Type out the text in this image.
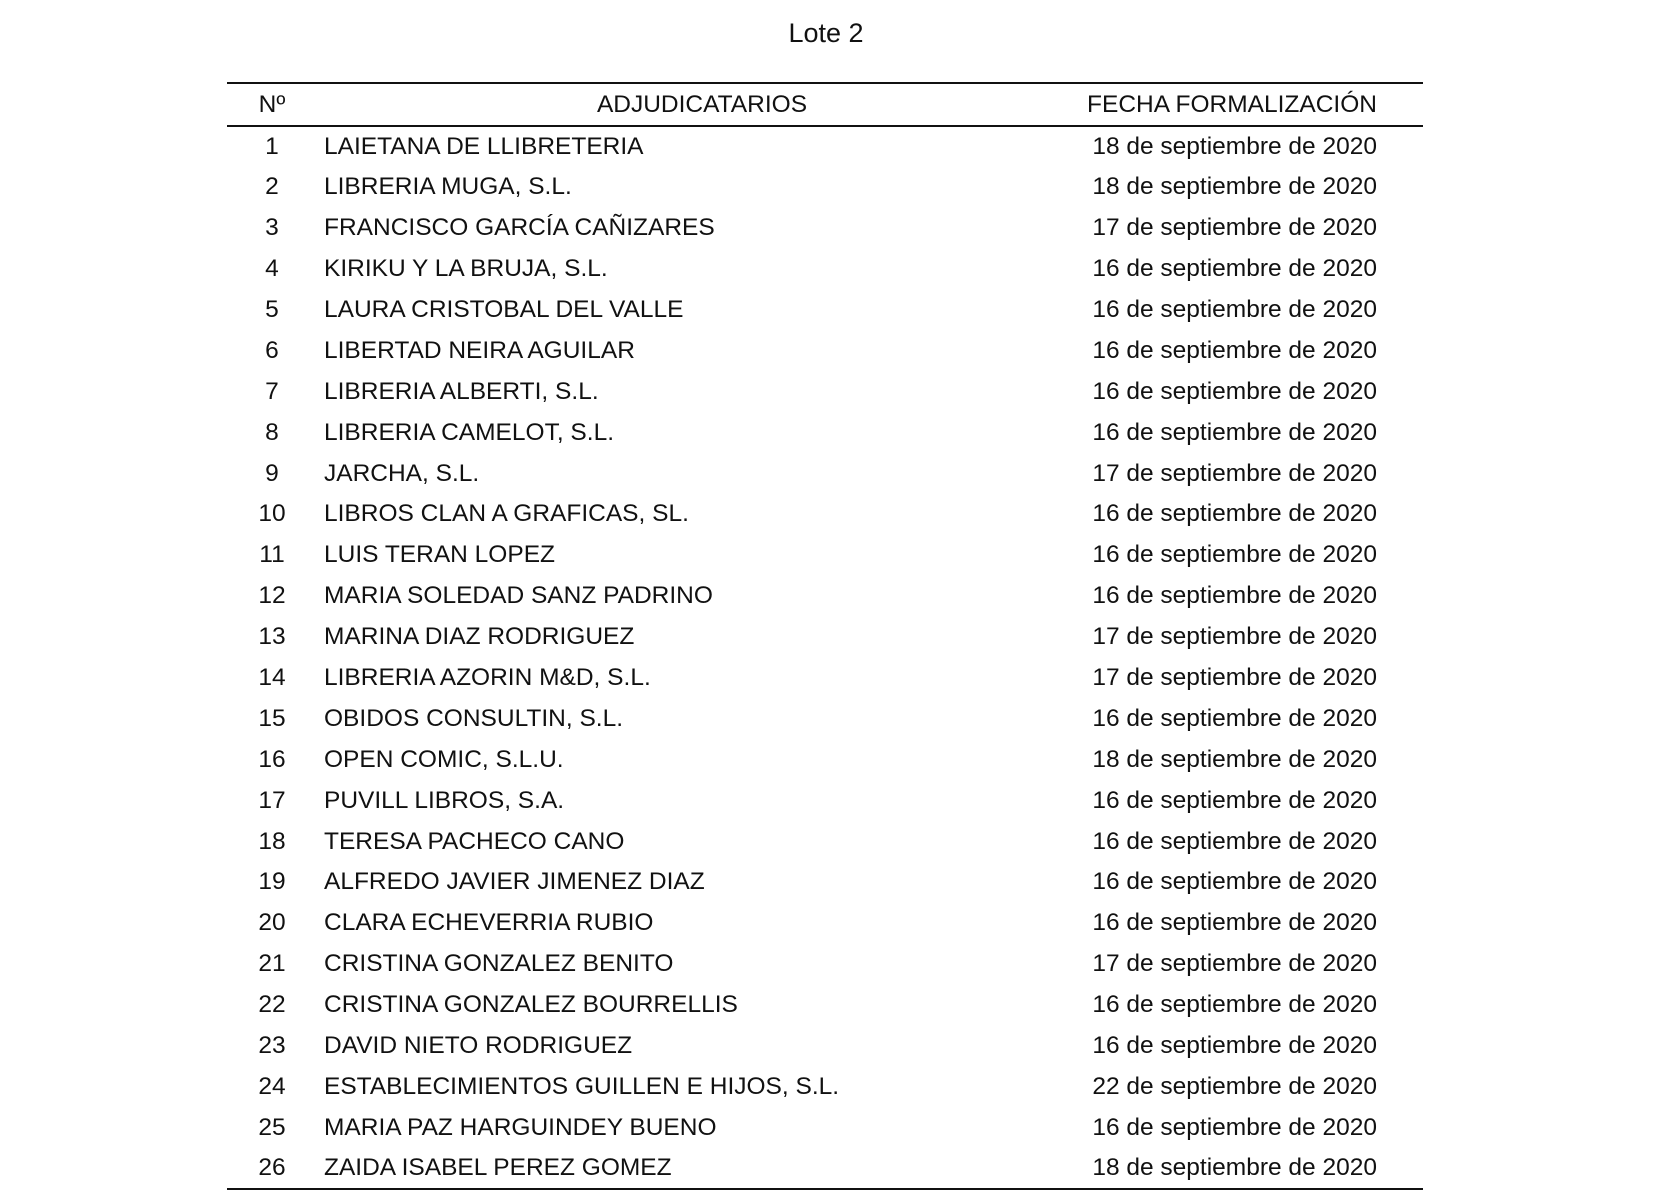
Lote 2
Nº	ADJUDICATARIOS	FECHA FORMALIZACIÓN
1	LAIETANA DE LLIBRETERIA	18 de septiembre de 2020
2	LIBRERIA MUGA, S.L.	18 de septiembre de 2020
3	FRANCISCO GARCÍA CAÑIZARES	17 de septiembre de 2020
4	KIRIKU Y LA BRUJA, S.L.	16 de septiembre de 2020
5	LAURA CRISTOBAL DEL VALLE	16 de septiembre de 2020
6	LIBERTAD NEIRA AGUILAR	16 de septiembre de 2020
7	LIBRERIA ALBERTI, S.L.	16 de septiembre de 2020
8	LIBRERIA CAMELOT, S.L.	16 de septiembre de 2020
9	JARCHA, S.L.	17 de septiembre de 2020
10	LIBROS CLAN A GRAFICAS, SL.	16 de septiembre de 2020
11	LUIS TERAN LOPEZ	16 de septiembre de 2020
12	MARIA SOLEDAD SANZ PADRINO	16 de septiembre de 2020
13	MARINA DIAZ RODRIGUEZ	17 de septiembre de 2020
14	LIBRERIA AZORIN M&D, S.L.	17 de septiembre de 2020
15	OBIDOS CONSULTIN, S.L.	16 de septiembre de 2020
16	OPEN COMIC, S.L.U.	18 de septiembre de 2020
17	PUVILL LIBROS, S.A.	16 de septiembre de 2020
18	TERESA PACHECO CANO	16 de septiembre de 2020
19	ALFREDO JAVIER JIMENEZ DIAZ	16 de septiembre de 2020
20	CLARA ECHEVERRIA RUBIO	16 de septiembre de 2020
21	CRISTINA GONZALEZ BENITO	17 de septiembre de 2020
22	CRISTINA GONZALEZ BOURRELLIS	16 de septiembre de 2020
23	DAVID NIETO RODRIGUEZ	16 de septiembre de 2020
24	ESTABLECIMIENTOS GUILLEN E HIJOS, S.L.	22 de septiembre de 2020
25	MARIA PAZ HARGUINDEY BUENO	16 de septiembre de 2020
26	ZAIDA ISABEL PEREZ GOMEZ	18 de septiembre de 2020
